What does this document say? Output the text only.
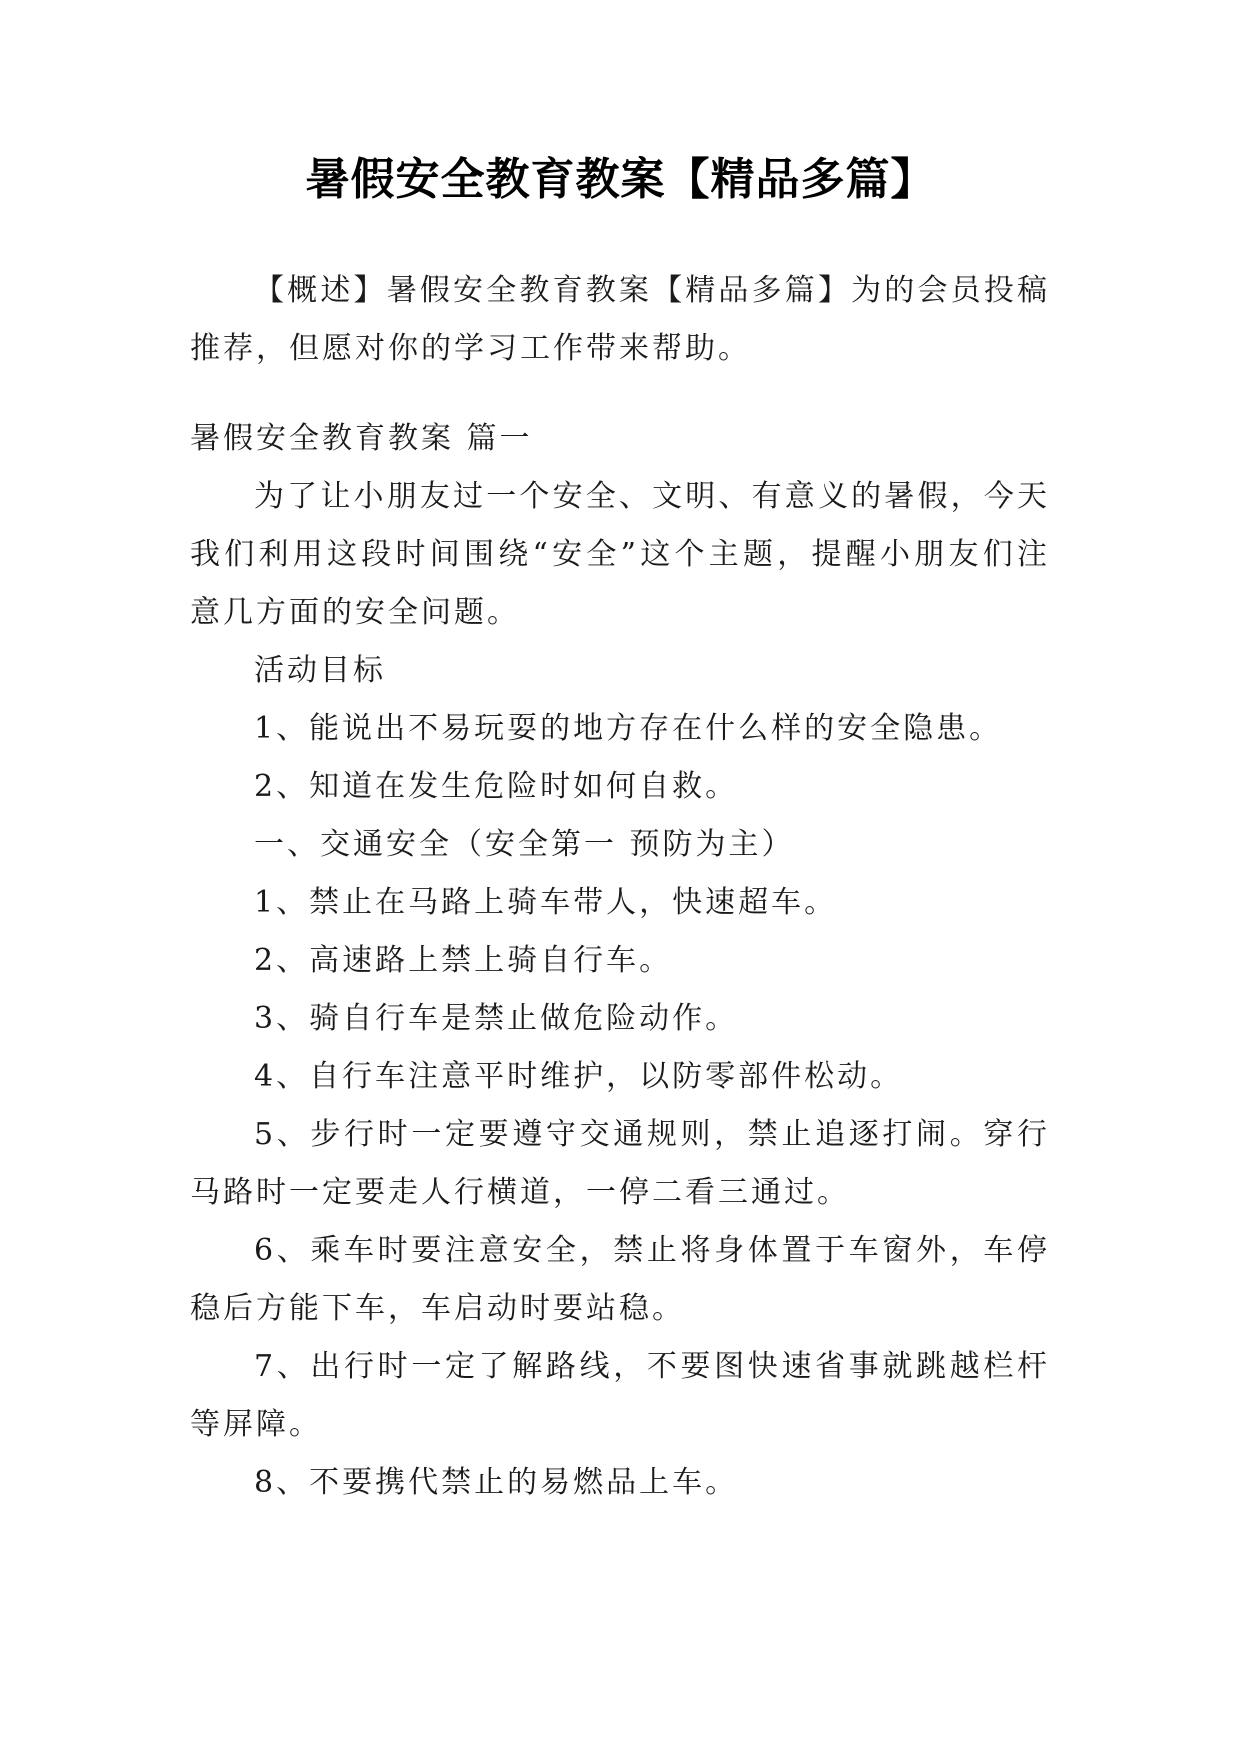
暑假安全教育教案【精品多篇】

【概述】暑假安全教育教案【精品多篇】为的会员投稿推荐，但愿对你的学习工作带来帮助。

暑假安全教育教案 篇一

为了让小朋友过一个安全、文明、有意义的暑假，今天我们利用这段时间围绕“安全”这个主题，提醒小朋友们注意几方面的安全问题。

活动目标

1、能说出不易玩耍的地方存在什么样的安全隐患。

2、知道在发生危险时如何自救。

一、交通安全（安全第一 预防为主）

1、禁止在马路上骑车带人，快速超车。

2、高速路上禁上骑自行车。

3、骑自行车是禁止做危险动作。

4、自行车注意平时维护，以防零部件松动。

5、步行时一定要遵守交通规则，禁止追逐打闹。穿行马路时一定要走人行横道，一停二看三通过。

6、乘车时要注意安全，禁止将身体置于车窗外，车停稳后方能下车，车启动时要站稳。

7、出行时一定了解路线，不要图快速省事就跳越栏杆等屏障。

8、不要携代禁止的易燃品上车。
